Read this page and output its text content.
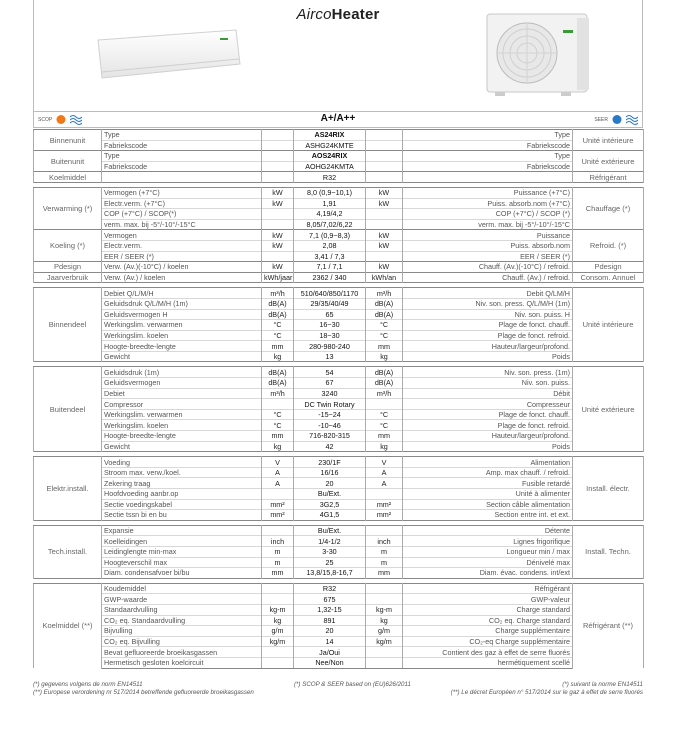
AircoHeater
SCOP	A+/A++	SEER
Binnenunit	Type		AS24RIX		Type	Unité intérieure
	Fabriekscode		ASHG24KMTE		Fabriekscode	
Buitenunit	Type		AOS24RIX		Type	Unité extérieure
	Fabriekscode		AOHG24KMTA		Fabriekscode	
Koelmiddel			R32			Réfrigérant

Verwarming (*)	Vermogen (+7°C)	kW	8,0 (0,9~10,1)	kW	Puissance (+7°C)	Chauffage (*)
	Electr.verm. (+7°C)	kW	1,91	kW	Puiss. absorb.nom (+7°C)	
	COP (+7°C) / SCOP(*)		4,19/4,2		COP (+7°C) / SCOP (*)	
	verm. max. bij -5°/-10°/-15°C		8,05/7,02/6,22		verm. max. bij -5°/-10°/-15°C	
Koeling (*)	Vermogen	kW	7,1 (0,9~8,3)	kW	Puissance	Refroid. (*)
	Electr.verm.	kW	2,08	kW	Puiss. absorb.nom	
	EER / SEER (*)		3,41 / 7,3		EER / SEER (*)	
Pdesign	Verw. (Av.)(-10°C) / koelen	kW	7,1 / 7,1	kW	Chauff. (Av.)(-10°C) / refroid.	Pdesign
Jaarverbruik	Verw. (Av.) / koelen	kWh/jaar	2362 / 340	kWh/an	Chauff. (Av.) / refroid.	Consom. Annuel

Binnendeel	Debiet Q/L/M/H	m³/h	510/640/850/1170	m³/h	Debit Q/LM/H	Unité intérieure
	Geluidsdruk Q/L/M/H (1m)	dB(A)	29/35/40/49	dB(A)	Niv. son. press. Q/L/M/H (1m)	
	Geluidsvermogen H	dB(A)	65	dB(A)	Niv. son. puiss. H	
	Werkingslim. verwarmen	°C	16~30	°C	Plage de fonct. chauff.	
	Werkingslim. koelen	°C	18~30	°C	Plage de fonct. refroid.	
	Hoogte-breedte-lengte	mm	280-980-240	mm	Hauteur/largeur/profond.	
	Gewicht	kg	13	kg	Poids	

Buitendeel	Geluidsdruk (1m)	dB(A)	54	dB(A)	Niv. son. press. (1m)	Unité extérieure
	Geluidsvermogen	dB(A)	67	dB(A)	Niv. son. puiss.	
	Debiet	m³/h	3240	m³/h	Débit	
	Compressor		DC Twin Rotary		Compresseur	
	Werkingslim. verwarmen	°C	-15~24	°C	Plage de fonct. chauff.	
	Werkingslim. koelen	°C	-10~46	°C	Plage de fonct. refroid.	
	Hoogte-breedte-lengte	mm	716-820-315	mm	Hauteur/largeur/profond.	
	Gewicht	kg	42	kg	Poids	

Elektr.install.	Voeding	V	230/1F	V	Alimentation	Install. électr.
	Stroom max. verw./koel.	A	16/16	A	Amp. max chauff. / refroid.	
	Zekering traag	A	20	A	Fusible retardé	
	Hoofdvoeding aanbr.op		Bu/Ext.		Unité à alimenter	
	Sectie voedingskabel	mm²	3G2,5	mm²	Section câble alimentation	
	Sectie tssn bi en bu	mm²	4G1,5	mm²	Section entre int. et ext.	

Tech.install.	Expansie		Bu/Ext.		Détente	Install. Techn.
	Koelleidingen	inch	1/4-1/2	inch	Lignes frigorifique	
	Leidinglengte min-max	m	3-30	m	Longueur min / max	
	Hoogteverschil max	m	25	m	Dénivelé max	
	Diam. condensafvoer bi/bu	mm	13,8/15,8-16,7	mm	Diam. évac. condens. int/ext	

Koelmiddel (**)	Koudemiddel		R32		Réfrigérant	Réfrigérant (**)
	GWP-waarde		675		GWP-valeur	
	Standaardvulling	kg-m	1,32-15	kg-m	Charge standard	
	CO₂ eq. Standaardvulling	kg	891	kg	CO₂ eq. Charge standard	
	Bijvulling	g/m	20	g/m	Charge supplémentaire	
	CO₂ eq. Bijvulling	kg/m	14	kg/m	CO₂-eq Charge supplémentaire	
	Bevat gefluoreerde broeikasgassen		Ja/Oui		Contient des gaz à effet de serre fluorés	
	Hermetisch gesloten koelcircuit		Nee/Non		hermétiquement scellé	
(*) gegevens volgens de norm EN14511	(*) SCOP & SEER based on (EU)626/2011	(*) suivant la norme EN14511
(**) Europese verordening nr 517/2014 betreffende gefluoreerde broeikasgassen	(**) Le décret Européen n° 517/2014 sur le gaz à effet de serre fluorés
